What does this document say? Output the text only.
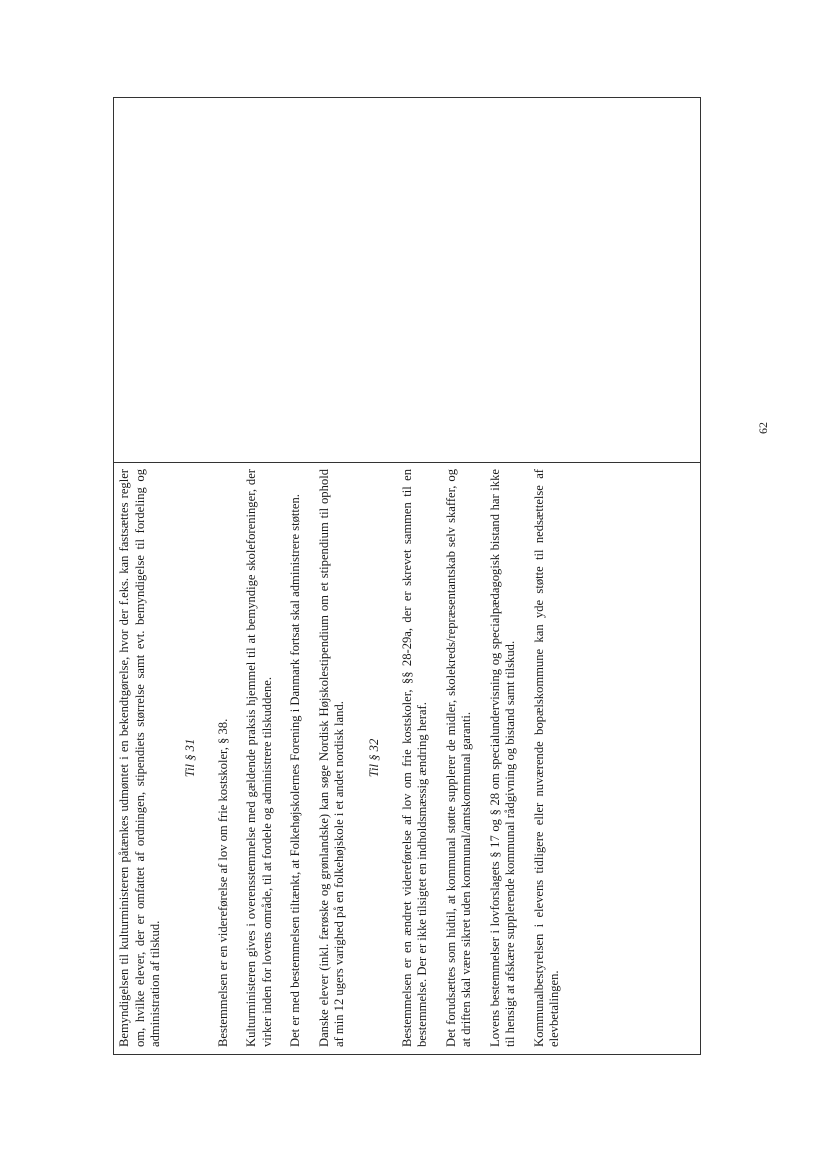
Bemyndigelsen til kulturministeren påtænkes udmøntet i en bekendtgørelse, hvor der f.eks. kan fastsættes regler om, hvilke elever, der er omfattet af ordningen, stipendiets størrelse samt evt. bemyndigelse til fordeling og administration af tilskud.

Til § 31 Bestemmelsen er en videreførelse af lov om frie kostskoler, § 38. Kulturministeren gives i overensstemmelse med gældende praksis hjemmel til at bemyndige skoleforeninger, der virker inden for lovens område, til at fordele og administrere tilskuddene. Det er med bestemmelsen tiltænkt, at Folkehøjskolernes Forening i Danmark fortsat skal administrere støtten. Danske elever (inkl. færøske og grønlandske) kan søge Nordisk Højskolestipendium om et stipendium til ophold af min 12 ugers varighed på en folkehøjskole i et andet nordisk land. Til § 32 Bestemmelsen er en ændret videreførelse af lov om frie kostskoler, §§ 28-29a, der er skrevet sammen til en bestemmelse. Der er ikke tilsigtet en indholdsmæssig ændring heraf. Det forudsættes som hidtil, at kommunal støtte supplerer de midler, skolekreds/repræsentantskab selv skaffer, og at driften skal være sikret uden kommunal/amtskommunal garanti. Lovens bestemmelser i lovforslagets § 17 og § 28 om specialundervisning og specialpædagogisk bistand har ikke til hensigt at afskære supplerende kommunal rådgivning og bistand samt tilskud. Kommunalbestyrelsen i elevens tidligere eller nuværende bopælskommune kan yde støtte til nedsættelse af elevbetalingen.

62
